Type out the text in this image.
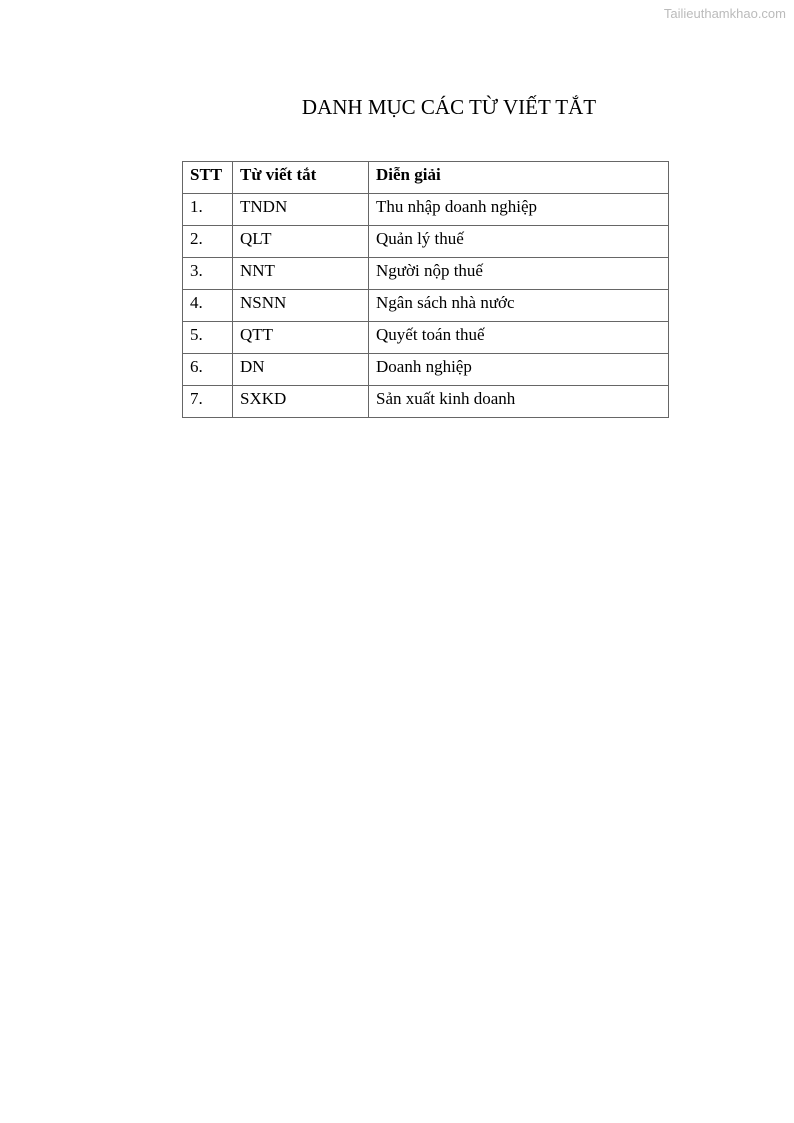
Tailieuthamkhao.com
DANH MỤC CÁC TỪ VIẾT TẮT
STT	Từ viết tắt	Diễn giải
1.	TNDN	Thu nhập doanh nghiệp
2.	QLT	Quản lý thuế
3.	NNT	Người nộp thuế
4.	NSNN	Ngân sách nhà nước
5.	QTT	Quyết toán thuế
6.	DN	Doanh nghiệp
7.	SXKD	Sản xuất kinh doanh
